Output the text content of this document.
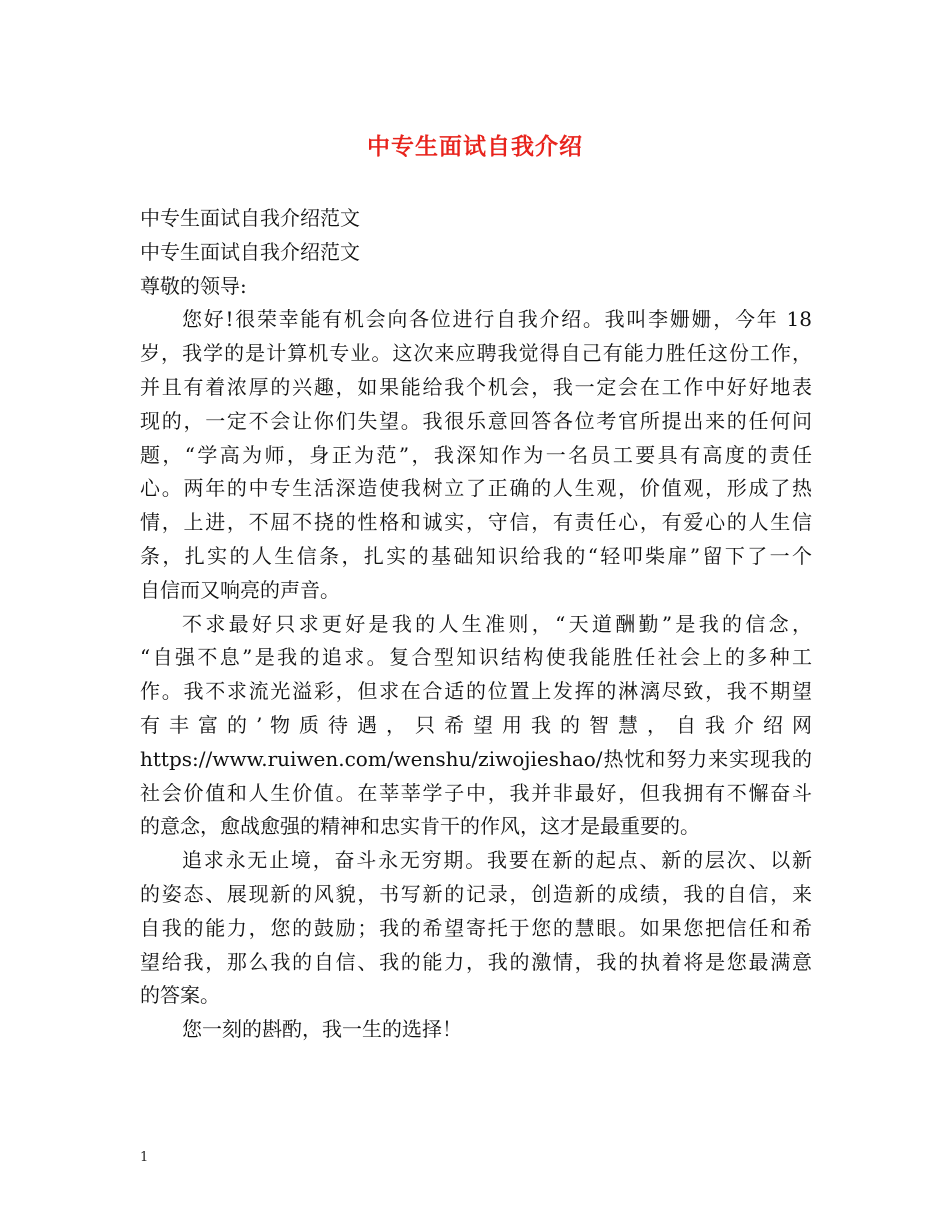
中专生面试自我介绍
中专生面试自我介绍范文
中专生面试自我介绍范文
尊敬的领导:
您好!很荣幸能有机会向各位进行自我介绍。我叫李姗姗，今年 18
岁，我学的是计算机专业。这次来应聘我觉得自己有能力胜任这份工作，
并且有着浓厚的兴趣，如果能给我个机会，我一定会在工作中好好地表
现的，一定不会让你们失望。我很乐意回答各位考官所提出来的任何问
题，“学高为师，身正为范”，我深知作为一名员工要具有高度的责任
心。两年的中专生活深造使我树立了正确的人生观，价值观，形成了热
情，上进，不屈不挠的性格和诚实，守信，有责任心，有爱心的人生信
条，扎实的人生信条，扎实的基础知识给我的“轻叩柴扉”留下了一个
自信而又响亮的声音。
不求最好只求更好是我的人生准则，“天道酬勤”是我的信念，
“自强不息”是我的追求。复合型知识结构使我能胜任社会上的多种工
作。我不求流光溢彩，但求在合适的位置上发挥的淋漓尽致，我不期望
有 丰 富 的 ’ 物 质 待 遇 ， 只 希 望 用 我 的 智 慧 ， 自 我 介 绍 网
https://www.ruiwen.com/wenshu/ziwojieshao/热忱和努力来实现我的
社会价值和人生价值。在莘莘学子中，我并非最好，但我拥有不懈奋斗
的意念，愈战愈强的精神和忠实肯干的作风，这才是最重要的。
追求永无止境，奋斗永无穷期。我要在新的起点、新的层次、以新
的姿态、展现新的风貌，书写新的记录，创造新的成绩，我的自信，来
自我的能力，您的鼓励；我的希望寄托于您的慧眼。如果您把信任和希
望给我，那么我的自信、我的能力，我的激情，我的执着将是您最满意
的答案。
您一刻的斟酌，我一生的选择！
1
